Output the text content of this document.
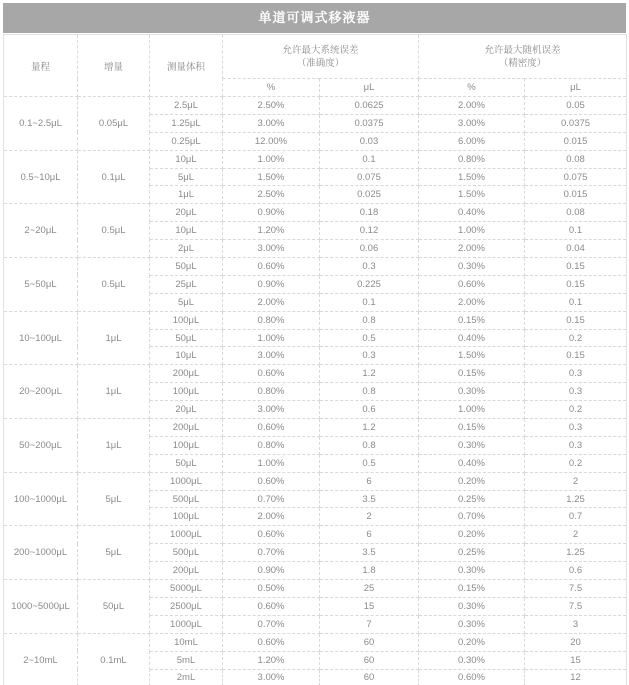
单道可调式移液器
量程	增量	测量体积	
允许最大系统误差
（准确度）

允许最大随机误差
（精密度）

			%	μL	%	μL
0.1~2.5μL	0.05μL	2.5μL	2.50%	0.0625	2.00%	0.05
		1.25μL	3.00%	0.0375	3.00%	0.0375
		0.25μL	12.00%	0.03	6.00%	0.015
0.5~10μL	0.1μL	10μL	1.00%	0.1	0.80%	0.08
		5μL	1.50%	0.075	1.50%	0.075
		1μL	2.50%	0.025	1.50%	0.015
2~20μL	0.5μL	20μL	0.90%	0.18	0.40%	0.08
		10μL	1.20%	0.12	1.00%	0.1
		2μL	3.00%	0.06	2.00%	0.04
5~50μL	0.5μL	50μL	0.60%	0.3	0.30%	0.15
		25μL	0.90%	0.225	0.60%	0.15
		5μL	2.00%	0.1	2.00%	0.1
10~100μL	1μL	100μL	0.80%	0.8	0.15%	0.15
		50μL	1.00%	0.5	0.40%	0.2
		10μL	3.00%	0.3	1.50%	0.15
20~200μL	1μL	200μL	0.60%	1.2	0.15%	0.3
		100μL	0.80%	0.8	0.30%	0.3
		20μL	3.00%	0.6	1.00%	0.2
50~200μL	1μL	200μL	0.60%	1.2	0.15%	0.3
		100μL	0.80%	0.8	0.30%	0.3
		50μL	1.00%	0.5	0.40%	0.2
100~1000μL	5μL	1000μL	0.60%	6	0.20%	2
		500μL	0.70%	3.5	0.25%	1.25
		100μL	2.00%	2	0.70%	0.7
200~1000μL	5μL	1000μL	0.60%	6	0.20%	2
		500μL	0.70%	3.5	0.25%	1.25
		200μL	0.90%	1.8	0.30%	0.6
1000~5000μL	50μL	5000μL	0.50%	25	0.15%	7.5
		2500μL	0.60%	15	0.30%	7.5
		1000μL	0.70%	7	0.30%	3
2~10mL	0.1mL	10mL	0.60%	60	0.20%	20
		5mL	1.20%	60	0.30%	15
		2mL	3.00%	60	0.60%	12
